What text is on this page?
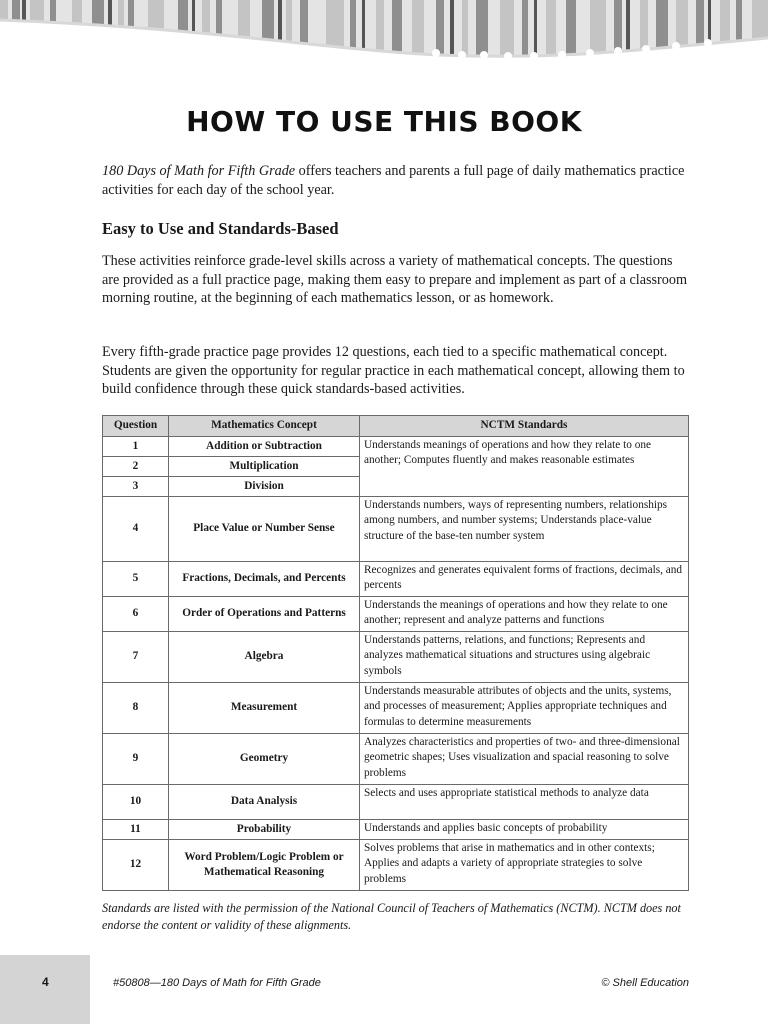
HOW TO USE THIS BOOK

180 Days of Math for Fifth Grade offers teachers and parents a full page of daily mathematics practice activities for each day of the school year.

Easy to Use and Standards-Based

These activities reinforce grade-level skills across a variety of mathematical concepts. The questions are provided as a full practice page, making them easy to prepare and implement as part of a classroom morning routine, at the beginning of each mathematics lesson, or as homework.

Every fifth-grade practice page provides 12 questions, each tied to a specific mathematical concept. Students are given the opportunity for regular practice in each mathematical concept, allowing them to build confidence through these quick standards-based activities.

Question	Mathematics Concept	NCTM Standards
1	Addition or Subtraction	Understands meanings of operations and how they relate to one another; Computes fluently and makes reasonable estimates
2	Multiplication	
3	Division	
4	Place Value or Number Sense	Understands numbers, ways of representing numbers, relationships among numbers, and number systems; Understands place-value structure of the base-ten number system
5	Fractions, Decimals, and Percents	Recognizes and generates equivalent forms of fractions, decimals, and percents
6	Order of Operations and Patterns	Understands the meanings of operations and how they relate to one another; represent and analyze patterns and functions
7	Algebra	Understands patterns, relations, and functions; Represents and analyzes mathematical situations and structures using algebraic symbols
8	Measurement	Understands measurable attributes of objects and the units, systems, and processes of measurement; Applies appropriate techniques and formulas to determine measurements
9	Geometry	Analyzes characteristics and properties of two- and three-dimensional geometric shapes; Uses visualization and spacial reasoning to solve problems
10	Data Analysis	Selects and uses appropriate statistical methods to analyze data
11	Probability	Understands and applies basic concepts of probability
12	Word Problem/Logic Problem or Mathematical Reasoning	Solves problems that arise in mathematics and in other contexts; Applies and adapts a variety of appropriate strategies to solve problems

Standards are listed with the permission of the National Council of Teachers of Mathematics (NCTM). NCTM does not endorse the content or validity of these alignments.

4	#50808—180 Days of Math for Fifth Grade	© Shell Education
